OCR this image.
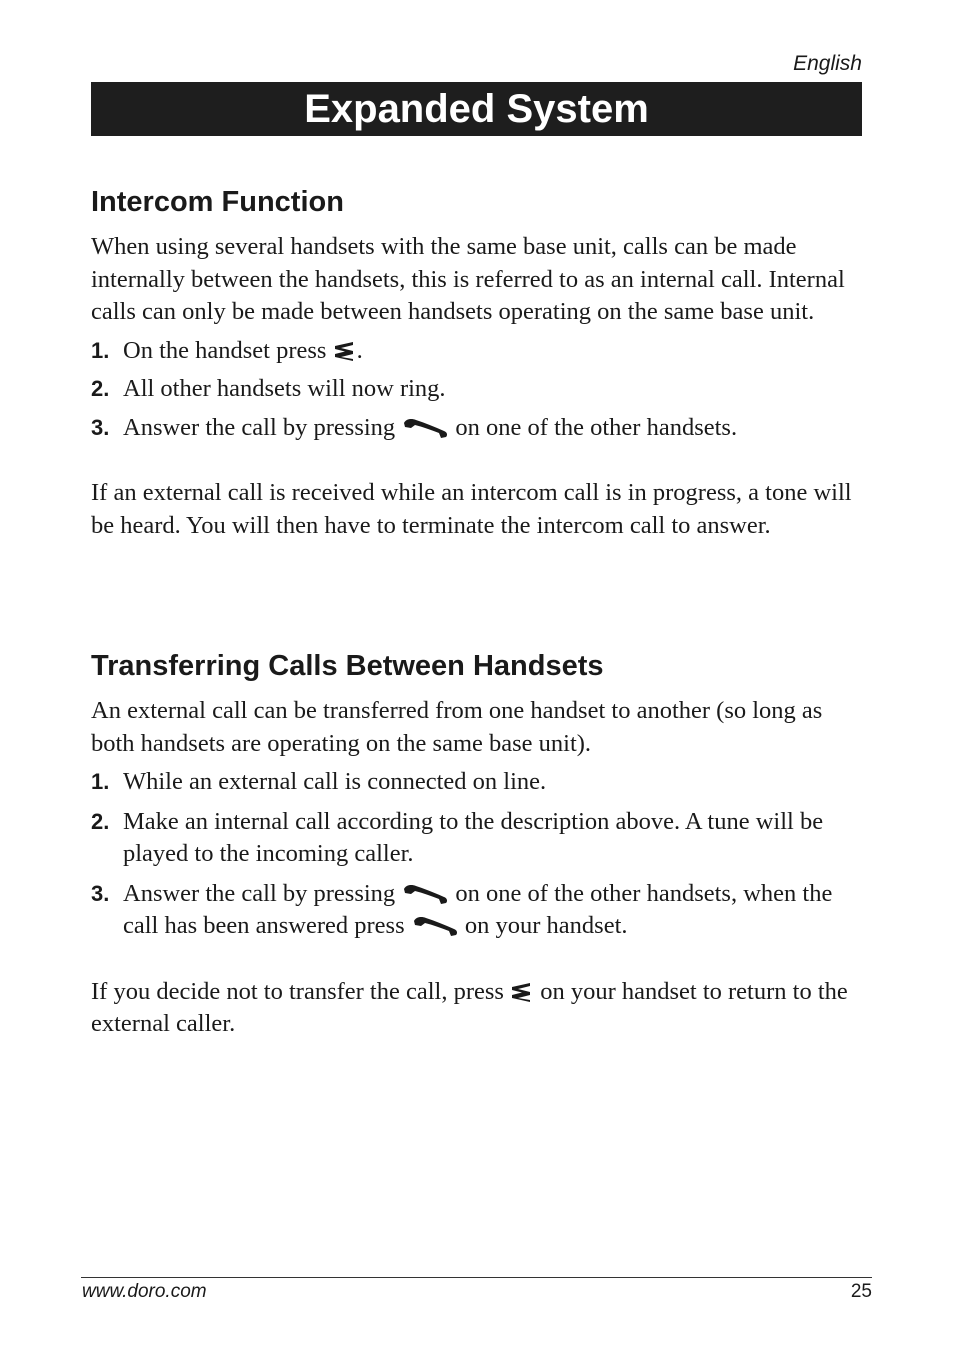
English
Expanded System
Intercom Function

When using several handsets with the same base unit, calls can be made internally between the handsets, this is referred to as an internal call. Internal calls can only be made between handsets operating on the same base unit.

1. On the handset press .
2. All other handsets will now ring.
3. Answer the call by pressing on one of the other handsets.

If an external call is received while an intercom call is in progress, a tone will be heard. You will then have to terminate the intercom call to answer.

Transferring Calls Between Handsets

An external call can be transferred from one handset to another (so long as both handsets are operating on the same base unit).

1. While an external call is connected on line.
2. Make an internal call according to the description above. A tune will be played to the incoming caller.
3. Answer the call by pressing on one of the other handsets, when the call has been answered press on your handset.

If you decide not to transfer the call, press on your handset to return to the external caller.

www.doro.com	25
